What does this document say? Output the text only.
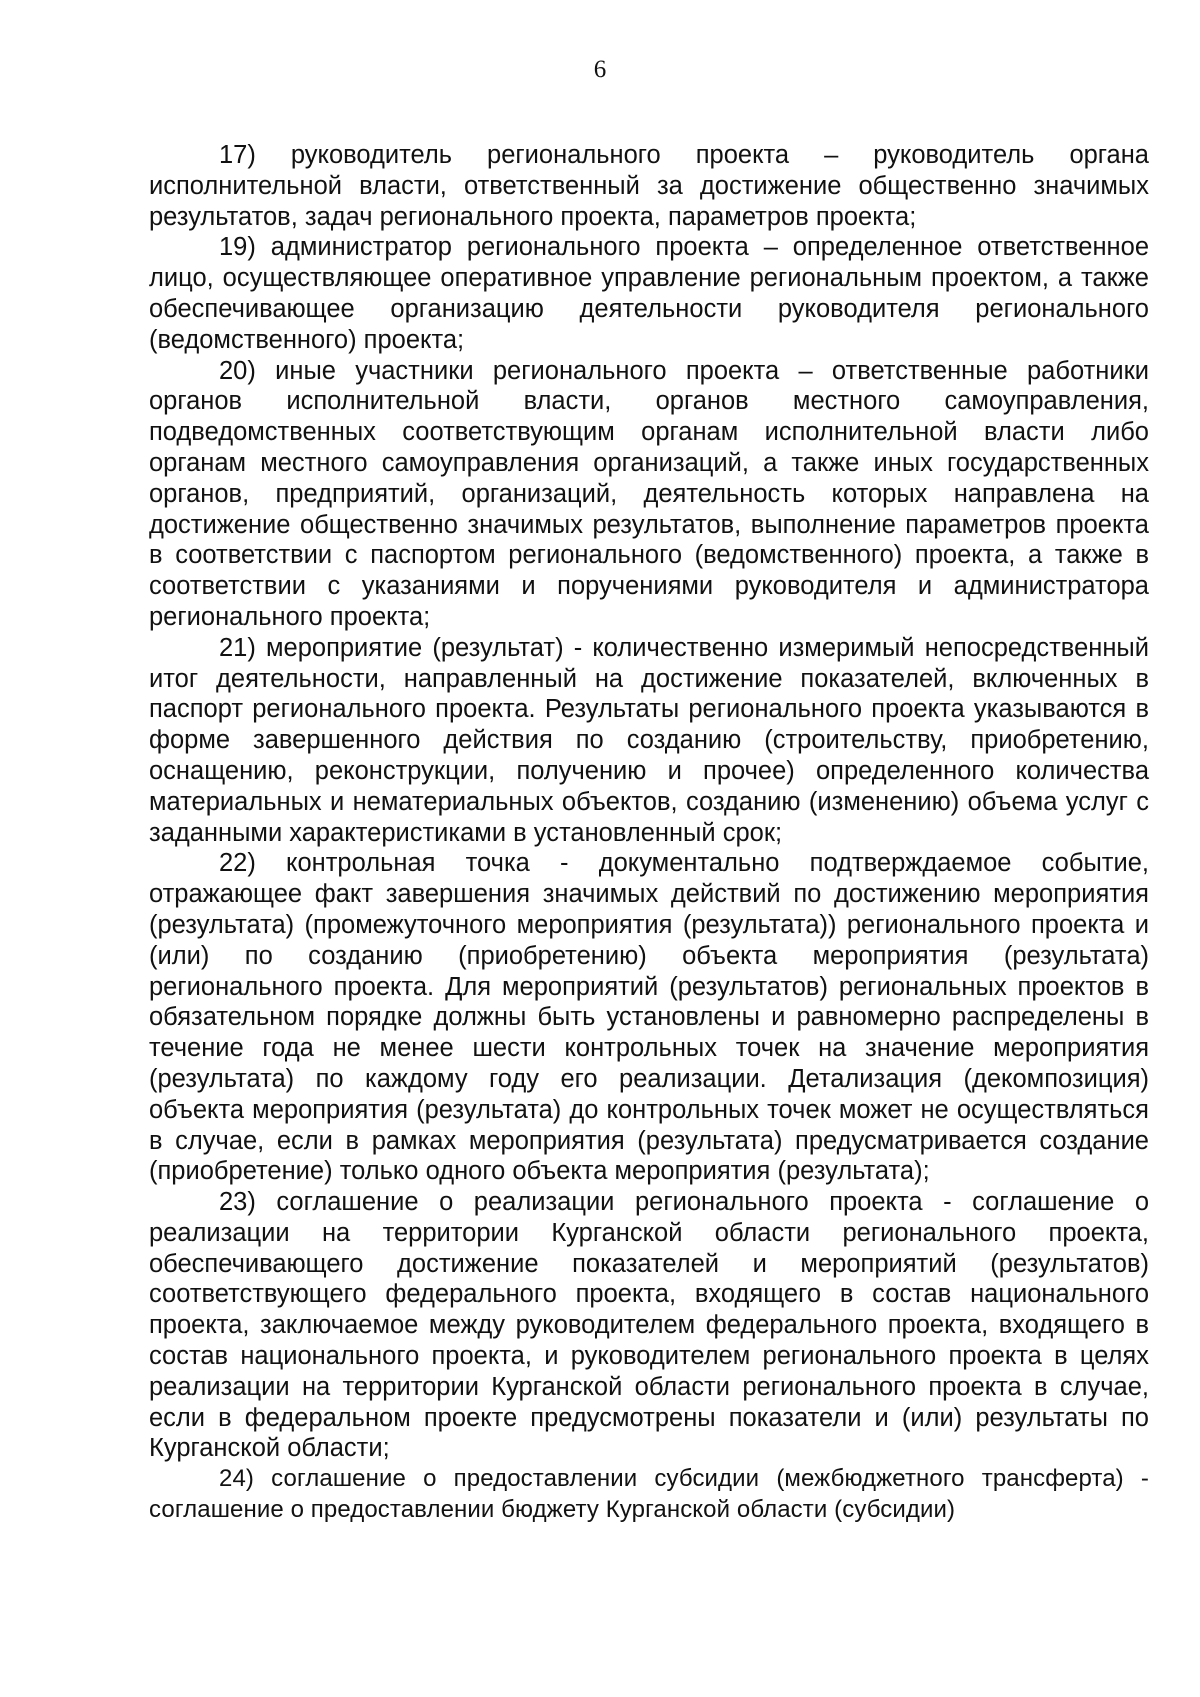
6

17) руководитель регионального проекта – руководитель органа исполнительной власти, ответственный за достижение общественно значимых результатов, задач регионального проекта, параметров проекта;

19) администратор регионального проекта – определенное ответственное лицо, осуществляющее оперативное управление региональным проектом, а также обеспечивающее организацию деятельности руководителя регионального (ведомственного) проекта;

20) иные участники регионального проекта – ответственные работники органов исполнительной власти, органов местного самоуправления, подведомственных соответствующим органам исполнительной власти либо органам местного самоуправления организаций, а также иных государственных органов, предприятий, организаций, деятельность которых направлена на достижение общественно значимых результатов, выполнение параметров проекта в соответствии с паспортом регионального (ведомственного) проекта, а также в соответствии с указаниями и поручениями руководителя и администратора регионального проекта;

21) мероприятие (результат) - количественно измеримый непосредственный итог деятельности, направленный на достижение показателей, включенных в паспорт регионального проекта. Результаты регионального проекта указываются в форме завершенного действия по созданию (строительству, приобретению, оснащению, реконструкции, получению и прочее) определенного количества материальных и нематериальных объектов, созданию (изменению) объема услуг с заданными характеристиками в установленный срок;

22) контрольная точка - документально подтверждаемое событие, отражающее факт завершения значимых действий по достижению мероприятия (результата) (промежуточного мероприятия (результата)) регионального проекта и (или) по созданию (приобретению) объекта мероприятия (результата) регионального проекта. Для мероприятий (результатов) региональных проектов в обязательном порядке должны быть установлены и равномерно распределены в течение года не менее шести контрольных точек на значение мероприятия (результата) по каждому году его реализации. Детализация (декомпозиция) объекта мероприятия (результата) до контрольных точек может не осуществляться в случае, если в рамках мероприятия (результата) предусматривается создание (приобретение) только одного объекта мероприятия (результата);

23) соглашение о реализации регионального проекта - соглашение о реализации на территории Курганской области регионального проекта, обеспечивающего достижение показателей и мероприятий (результатов) соответствующего федерального проекта, входящего в состав национального проекта, заключаемое между руководителем федерального проекта, входящего в состав национального проекта, и руководителем регионального проекта в целях реализации на территории Курганской области регионального проекта в случае, если в федеральном проекте предусмотрены показатели и (или) результаты по Курганской области;

24) соглашение о предоставлении субсидии (межбюджетного трансферта) - соглашение о предоставлении бюджету Курганской области (субсидии)
